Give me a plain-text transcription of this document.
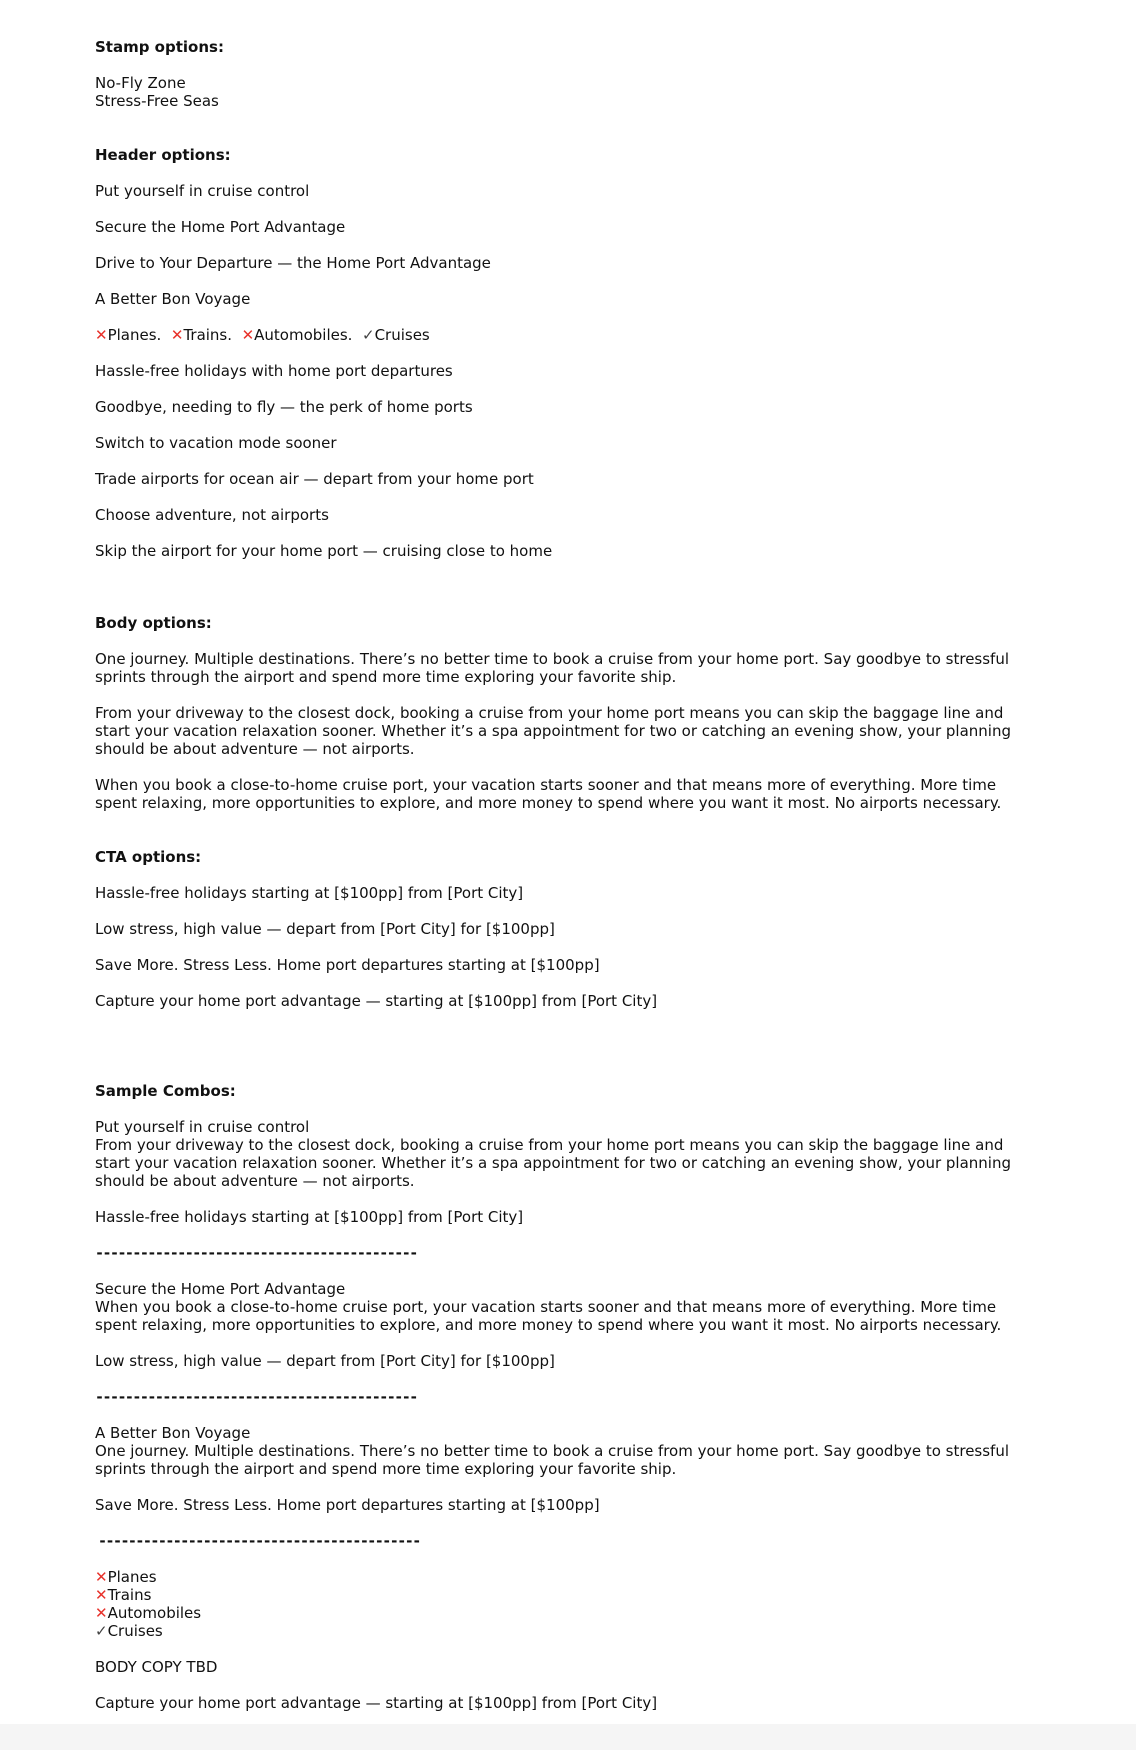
Stamp options:

No-Fly Zone

Stress-Free Seas

Header options:

Put yourself in cruise control

Secure the Home Port Advantage

Drive to Your Departure — the Home Port Advantage

A Better Bon Voyage

✕Planes. ✕Trains. ✕Automobiles. ✓Cruises

Hassle-free holidays with home port departures

Goodbye, needing to fly — the perk of home ports

Switch to vacation mode sooner

Trade airports for ocean air — depart from your home port

Choose adventure, not airports

Skip the airport for your home port — cruising close to home

Body options:

One journey. Multiple destinations. There’s no better time to book a cruise from your home port. Say goodbye to stressful sprints through the airport and spend more time exploring your favorite ship.

From your driveway to the closest dock, booking a cruise from your home port means you can skip the baggage line and start your vacation relaxation sooner. Whether it’s a spa appointment for two or catching an evening show, your planning should be about adventure — not airports.

When you book a close-to-home cruise port, your vacation starts sooner and that means more of everything. More time spent relaxing, more opportunities to explore, and more money to spend where you want it most. No airports necessary.

CTA options:

Hassle-free holidays starting at [$100pp] from [Port City]

Low stress, high value — depart from [Port City] for [$100pp]

Save More. Stress Less. Home port departures starting at [$100pp]

Capture your home port advantage — starting at [$100pp] from [Port City]

Sample Combos:

Put yourself in cruise control

From your driveway to the closest dock, booking a cruise from your home port means you can skip the baggage line and start your vacation relaxation sooner. Whether it’s a spa appointment for two or catching an evening show, your planning should be about adventure — not airports.

Hassle-free holidays starting at [$100pp] from [Port City]

-------------------------------------------

Secure the Home Port Advantage

When you book a close-to-home cruise port, your vacation starts sooner and that means more of everything. More time spent relaxing, more opportunities to explore, and more money to spend where you want it most. No airports necessary.

Low stress, high value — depart from [Port City] for [$100pp]

-------------------------------------------

A Better Bon Voyage

One journey. Multiple destinations. There’s no better time to book a cruise from your home port. Say goodbye to stressful sprints through the airport and spend more time exploring your favorite ship.

Save More. Stress Less. Home port departures starting at [$100pp]

-------------------------------------------

✕Planes

✕Trains

✕Automobiles

✓Cruises

BODY COPY TBD

Capture your home port advantage — starting at [$100pp] from [Port City]
